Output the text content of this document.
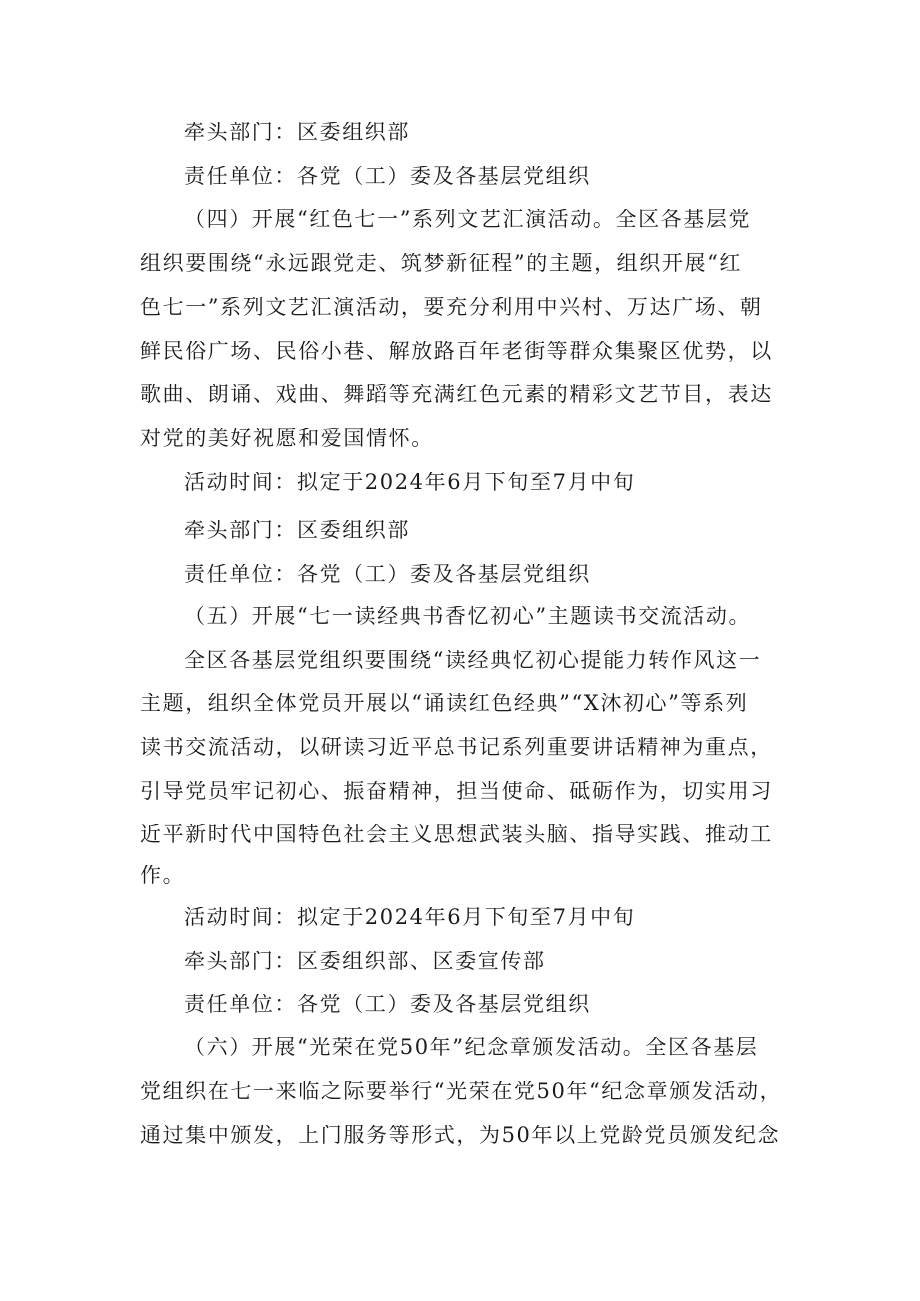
牵头部门：区委组织部
责任单位：各党（工）委及各基层党组织
（四）开展“红色七一”系列文艺汇演活动。全区各基层党
组织要围绕“永远跟党走、筑梦新征程”的主题，组织开展“红
色七一”系列文艺汇演活动，要充分利用中兴村、万达广场、朝
鲜民俗广场、民俗小巷、解放路百年老街等群众集聚区优势，以
歌曲、朗诵、戏曲、舞蹈等充满红色元素的精彩文艺节目，表达
对党的美好祝愿和爱国情怀。
活动时间：拟定于2024年6月下旬至7月中旬
牵头部门：区委组织部
责任单位：各党（工）委及各基层党组织
（五）开展“七一读经典书香忆初心”主题读书交流活动。
全区各基层党组织要围绕“读经典忆初心提能力转作风这一
主题，组织全体党员开展以“诵读红色经典”“X沐初心”等系列
读书交流活动，以研读习近平总书记系列重要讲话精神为重点，
引导党员牢记初心、振奋精神，担当使命、砥砺作为，切实用习
近平新时代中国特色社会主义思想武装头脑、指导实践、推动工
作。
活动时间：拟定于2024年6月下旬至7月中旬
牵头部门：区委组织部、区委宣传部
责任单位：各党（工）委及各基层党组织
（六）开展“光荣在党50年”纪念章颁发活动。全区各基层
党组织在七一来临之际要举行“光荣在党50年“纪念章颁发活动，
通过集中颁发，上门服务等形式，为50年以上党龄党员颁发纪念
